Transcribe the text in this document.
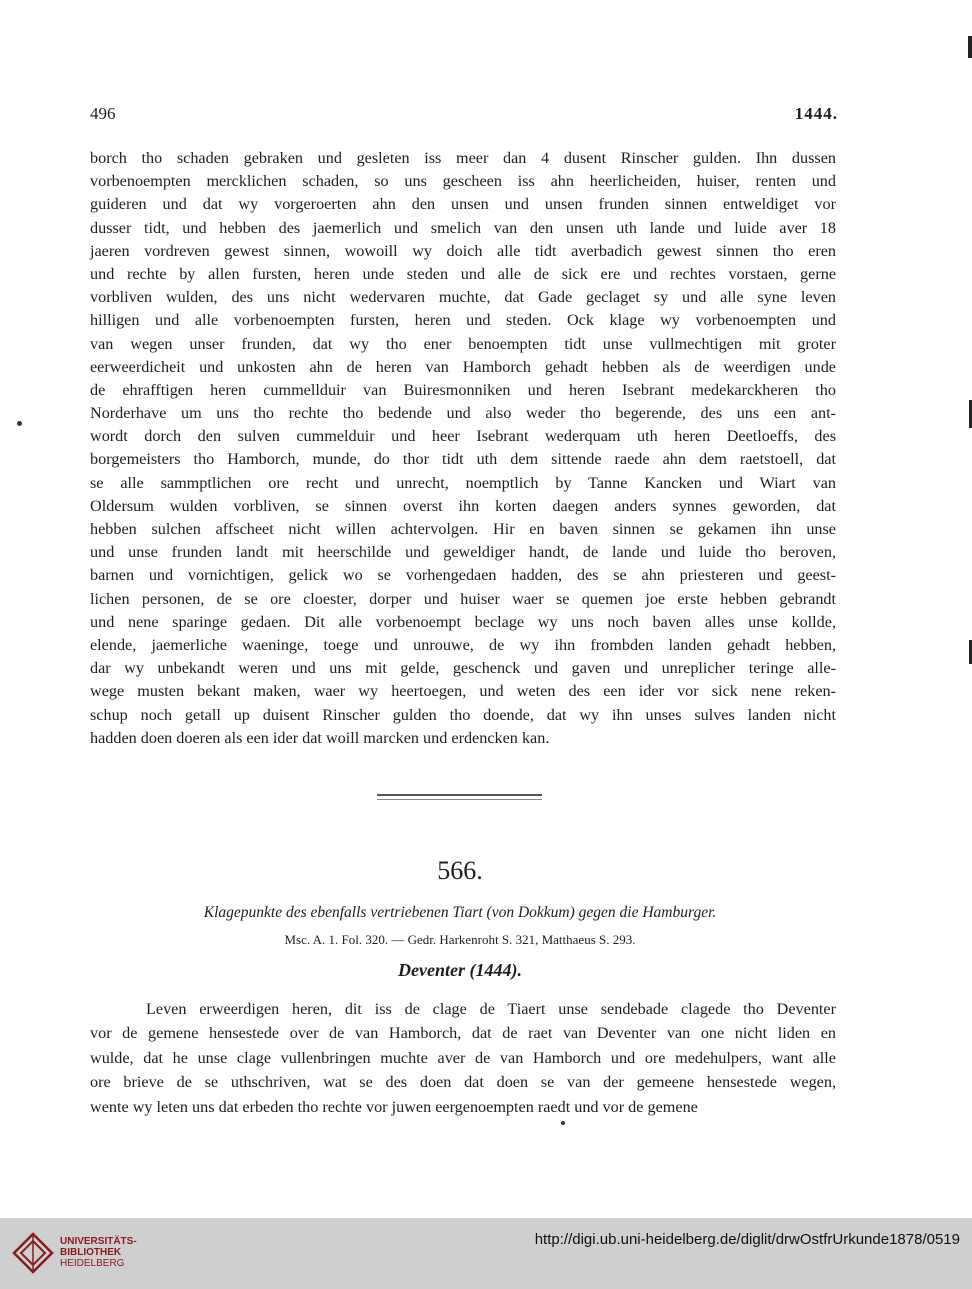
496	1444.
borch tho schaden gebraken und gesleten iss meer dan 4 dusent Rinscher gulden. Ihn dussen
vorbenoempten mercklichen schaden, so uns gescheen iss ahn heerlicheiden, huiser, renten und
guideren und dat wy vorgeroerten ahn den unsen und unsen frunden sinnen entweldiget vor
dusser tidt, und hebben des jaemerlich und smelich van den unsen uth lande und luide aver 18
jaeren vordreven gewest sinnen, wowoill wy doich alle tidt averbadich gewest sinnen tho eren
und rechte by allen fursten, heren unde steden und alle de sick ere und rechtes vorstaen, gerne
vorbliven wulden, des uns nicht wedervaren muchte, dat Gade geclaget sy und alle syne leven
hilligen und alle vorbenoempten fursten, heren und steden. Ock klage wy vorbenoempten und
van wegen unser frunden, dat wy tho ener benoempten tidt unse vullmechtigen mit groter
eerweerdicheit und unkosten ahn de heren van Hamborch gehadt hebben als de weerdigen unde
de ehrafftigen heren cummellduir van Buiresmonniken und heren Isebrant medekarckheren tho
Norderhave um uns tho rechte tho bedende und also weder tho begerende, des uns een ant-
wordt dorch den sulven cummelduir und heer Isebrant wederquam uth heren Deetloeffs, des
borgemeisters tho Hamborch, munde, do thor tidt uth dem sittende raede ahn dem raetstoell, dat
se alle sammptlichen ore recht und unrecht, noemptlich by Tanne Kancken und Wiart van
Oldersum wulden vorbliven, se sinnen overst ihn korten daegen anders synnes geworden, dat
hebben sulchen affscheet nicht willen achtervolgen. Hir en baven sinnen se gekamen ihn unse
und unse frunden landt mit heerschilde und geweldiger handt, de lande und luide tho beroven,
barnen und vornichtigen, gelick wo se vorhengedaen hadden, des se ahn priesteren und geest-
lichen personen, de se ore cloester, dorper und huiser waer se quemen joe erste hebben gebrandt
und nene sparinge gedaen. Dit alle vorbenoempt beclage wy uns noch baven alles unse kollde,
elende, jaemerliche waeninge, toege und unrouwe, de wy ihn frombden landen gehadt hebben,
dar wy unbekandt weren und uns mit gelde, geschenck und gaven und unreplicher teringe alle-
wege musten bekant maken, waer wy heertoegen, und weten des een ider vor sick nene reken-
schup noch getall up duisent Rinscher gulden tho doende, dat wy ihn unses sulves landen nicht
hadden doen doeren als een ider dat woill marcken und erdencken kan.
566.
Klagepunkte des ebenfalls vertriebenen Tiart (von Dokkum) gegen die Hamburger.
Msc. A. 1. Fol. 320. — Gedr. Harkenroht S. 321, Matthaeus S. 293.
Deventer (1444).
Leven erweerdigen heren, dit iss de clage de Tiaert unse sendebade clagede tho Deventer
vor de gemene hensestede over de van Hamborch, dat de raet van Deventer van one nicht liden en
wulde, dat he unse clage vullenbringen muchte aver de van Hamborch und ore medehulpers, want alle
ore brieve de se uthschriven, wat se des doen dat doen se van der gemeene hensestede wegen,
wente wy leten uns dat erbeden tho rechte vor juwen eergenoempten raedt und vor de gemene
UNIVERSITÄTS-
BIBLIOTHEK
HEIDELBERG
http://digi.ub.uni-heidelberg.de/diglit/drwOstfrUrkunde1878/0519
